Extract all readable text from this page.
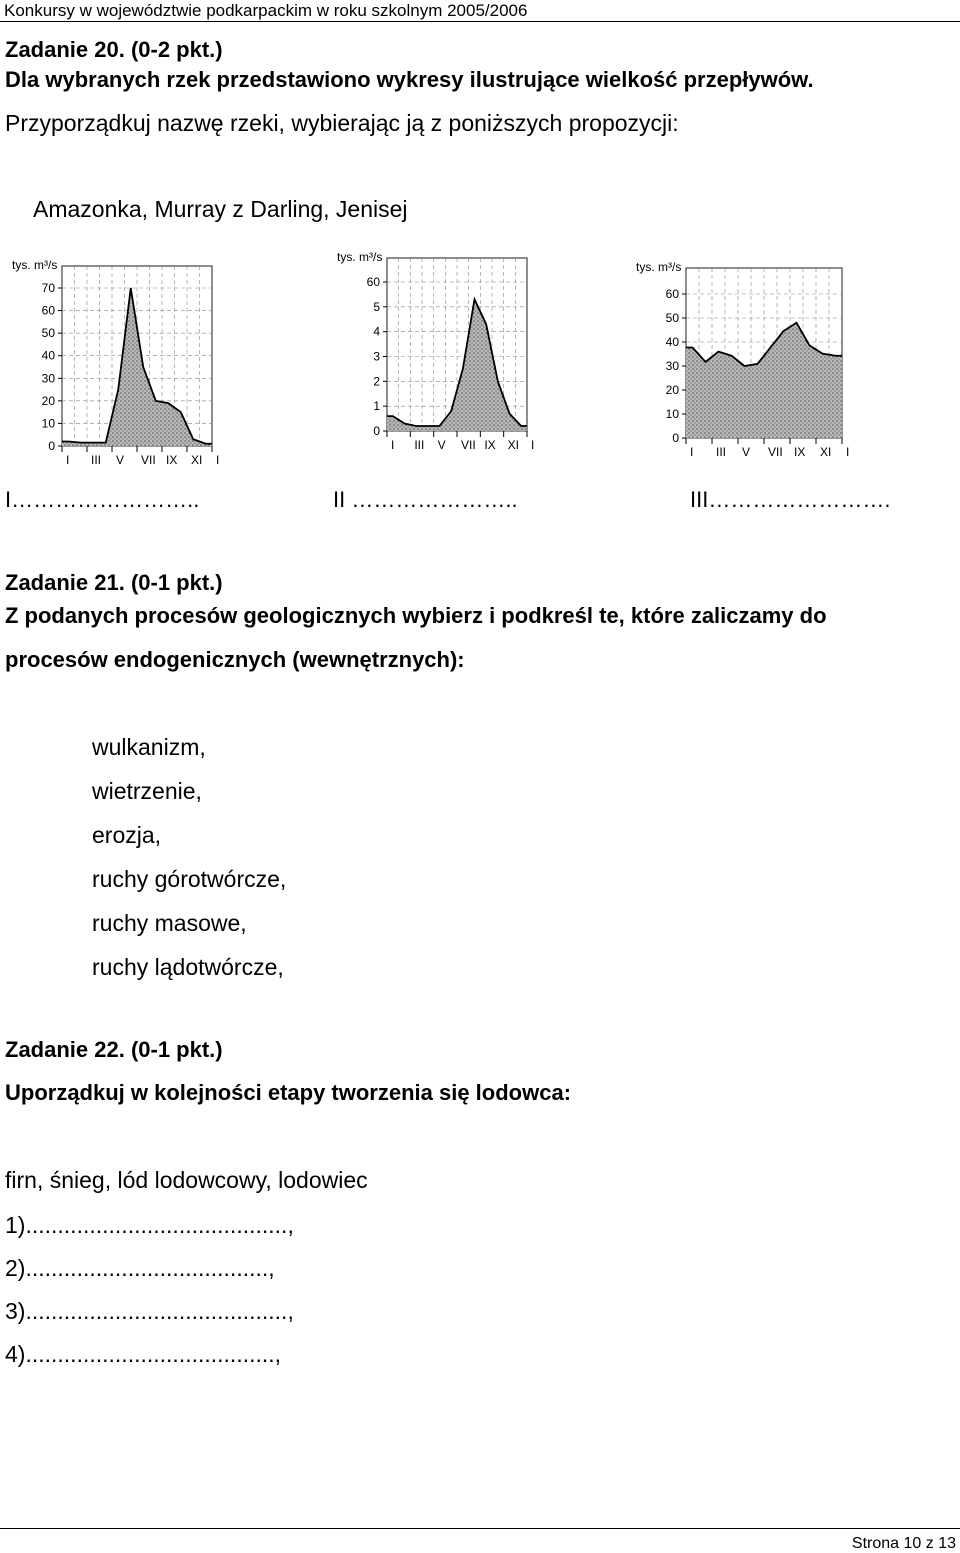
Konkursy w województwie podkarpackim w roku szkolnym 2005/2006
Zadanie 20. (0-2 pkt.)
Dla wybranych rzek przedstawiono wykresy ilustrujące wielkość przepływów.
Przyporządkuj nazwę rzeki, wybierając ją z poniższych propozycji:
Amazonka, Murray z Darling, Jenisej
70
60
50
40
30
20
10
0
tys. m³/s
I III V VII IX XI I
60
5
4
3
2
1
0
tys. m³/s
I III V VII IX XI I
60
50
40
30
20
10
0
tys. m³/s
I III V VII IX XI I
I……………………..	II …………………..	III…………………….
Zadanie 21. (0-1 pkt.)
Z podanych procesów geologicznych wybierz i podkreśl te, które zaliczamy do
procesów endogenicznych (wewnętrznych):
wulkanizm,
wietrzenie,
erozja,
ruchy górotwórcze,
ruchy masowe,
ruchy lądotwórcze,
Zadanie 22. (0-1 pkt.)
Uporządkuj w kolejności etapy tworzenia się lodowca:
firn, śnieg, lód lodowcowy, lodowiec
1).........................................,
2)......................................,
3).........................................,
4).......................................,
Strona 10 z 13
